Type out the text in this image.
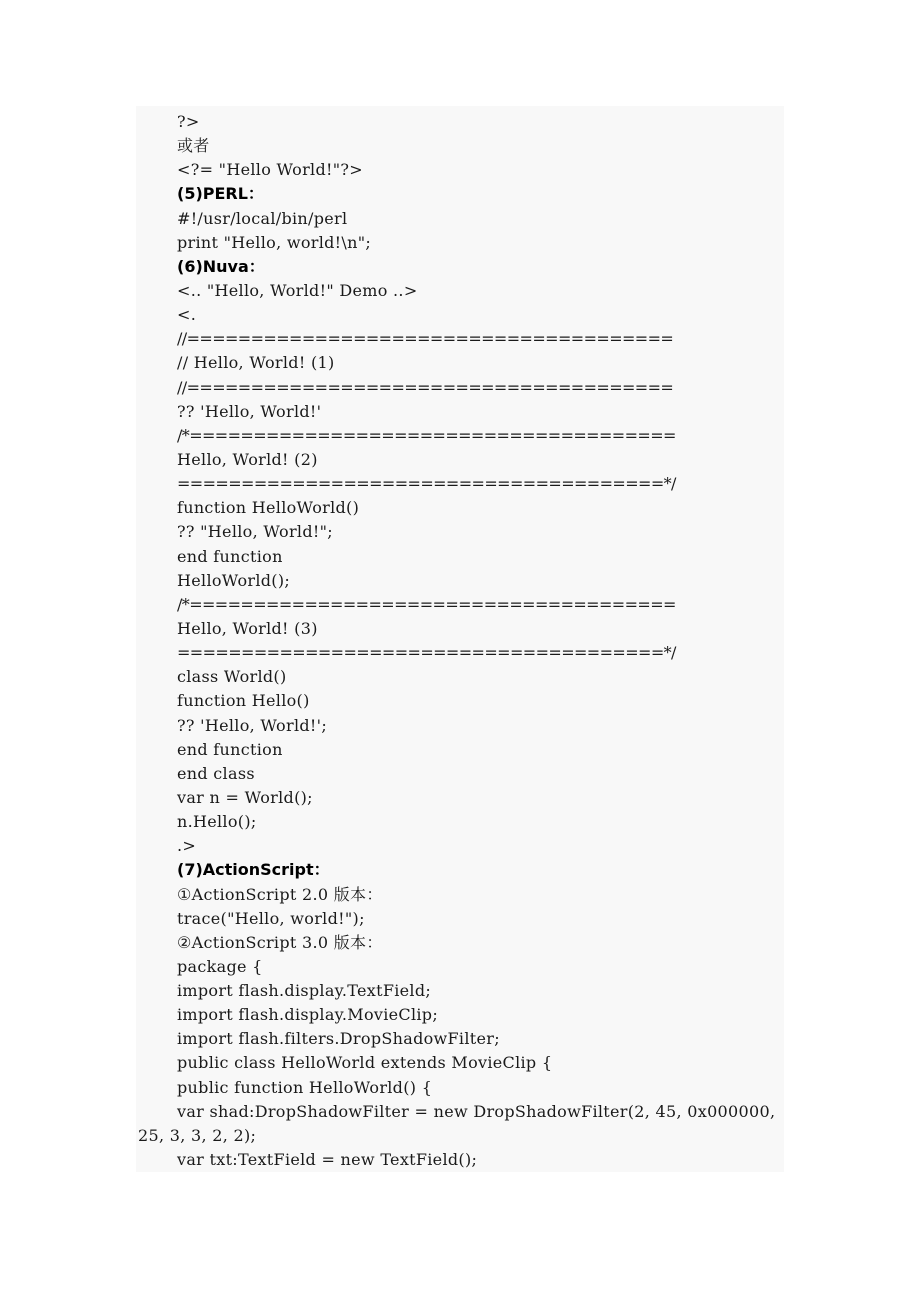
?>
或者
<?= "Hello World!"?>
(5)PERL：
#!/usr/local/bin/perl
print "Hello, world!\n";
(6)Nuva：
<.. "Hello, World!" Demo ..>
<.
//======================================
// Hello, World! (1)
//======================================
?? 'Hello, World!'
/*======================================
Hello, World! (2)
======================================*/
function HelloWorld()
?? "Hello, World!";
end function
HelloWorld();
/*======================================
Hello, World! (3)
======================================*/
class World()
function Hello()
?? 'Hello, World!';
end function
end class
var n = World();
n.Hello();
.>
(7)ActionScript：
①ActionScript 2.0 版本：
trace("Hello, world!");
②ActionScript 3.0 版本：
package {
import flash.display.TextField;
import flash.display.MovieClip;
import flash.filters.DropShadowFilter;
public class HelloWorld extends MovieClip {
public function HelloWorld() {
var shad:DropShadowFilter = new DropShadowFilter(2, 45, 0x000000,
25, 3, 3, 2, 2);
var txt:TextField = new TextField();
